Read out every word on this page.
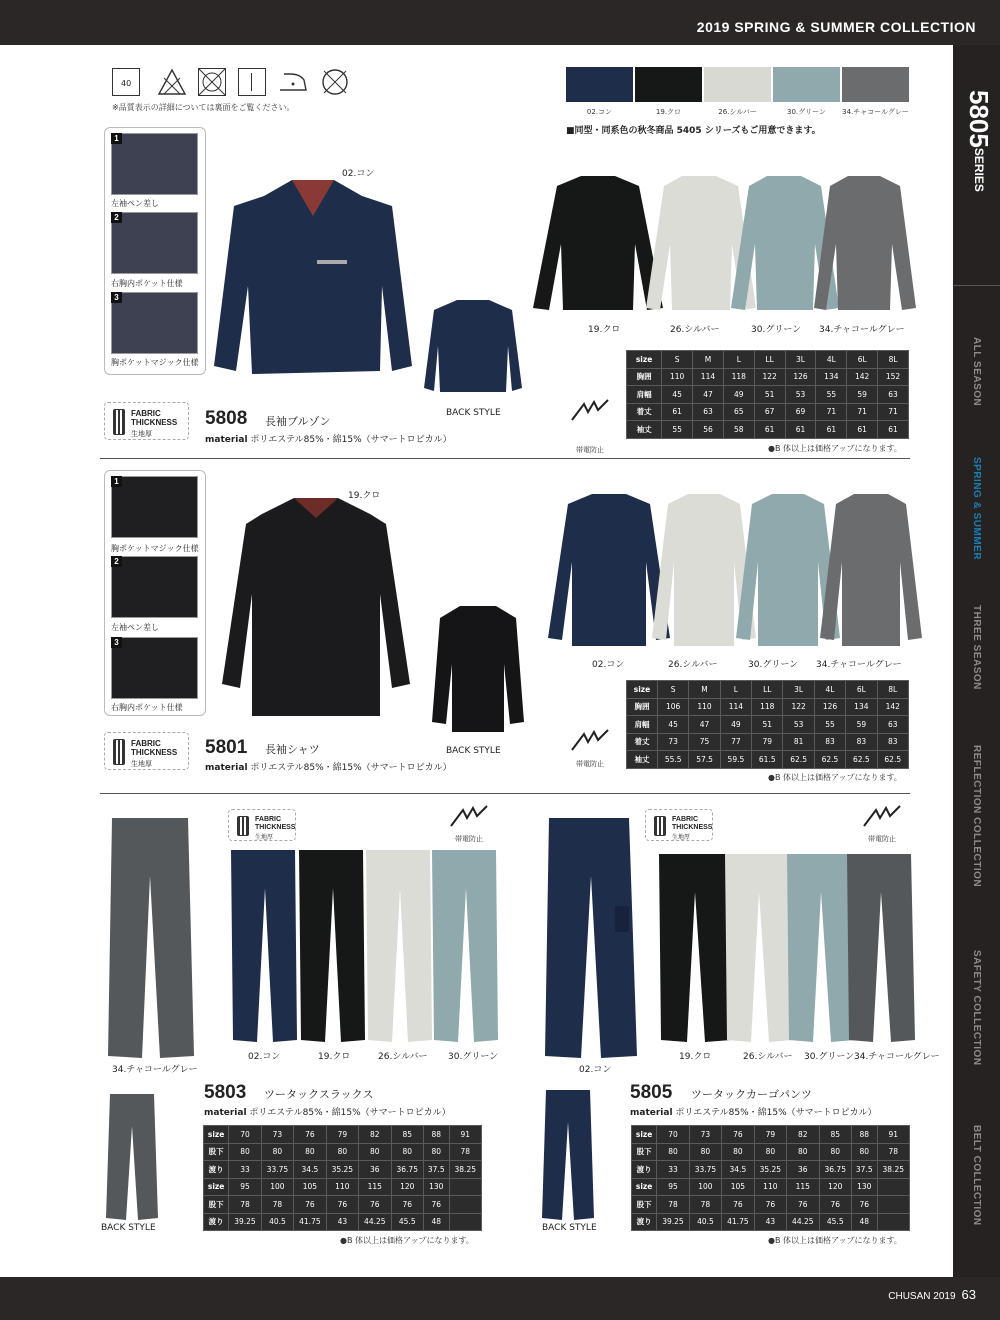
2019 SPRING & SUMMER COLLECTION
5805SERIES
ALL SEASON
SPRING & SUMMER
THREE SEASON
REFLECTION COLLECTION
SAFETY COLLECTION
BELT COLLECTION
40
※品質表示の詳細については裏面をご覧ください。	02.コン	19.クロ	26.シルバー	30.グリーン	34.チャコールグレー
■同型・同系色の秋冬商品 5405 シリーズもご用意できます。
1
左袖ペン差し
2
右胸内ポケット仕様
3
胸ポケットマジック仕様
02.コン
BACK STYLE
19.クロ	26.シルバー	30.グリーン 34.チャコールグレー
FABRIC
THICKNESS
生地厚
5808 長袖ブルゾン
material ポリエステル85%・綿15%（サマートロピカル）
帯電防止
size	S	M	L	LL	3L	4L	6L	8L
胸囲	110	114	118	122	126	134	142	152
肩幅	45	47	49	51	53	55	59	63
着丈	61	63	65	67	69	71	71	71
袖丈	55	56	58	61	61	61	61	61
●B 体以上は価格アップになります。
1
胸ポケットマジック仕様
2
左袖ペン差し
3
右胸内ポケット仕様
19.クロ
BACK STYLE
02.コン	26.シルバー	30.グリーン 34.チャコールグレー
FABRIC
THICKNESS
生地厚
5801 長袖シャツ
material ポリエステル85%・綿15%（サマートロピカル）	帯電防止
size	S	M	L	LL	3L	4L	6L	8L
胸囲	106	110	114	118	122	126	134	142
肩幅	45	47	49	51	53	55	59	63
着丈	73	75	77	79	81	83	83	83
袖丈	55.5	57.5	59.5	61.5	62.5	62.5	62.5	62.5
●B 体以上は価格アップになります。
34.チャコールグレー
FABRIC
THICKNESS
生地厚	帯電防止
02.コン	19.クロ	26.シルバー 30.グリーン
5803 ツータックスラックス
material ポリエステル85%・綿15%（サマートロピカル）
BACK STYLE
size	70	73	76	79	82	85	88	91
股下	80	80	80	80	80	80	80	78
渡り	33	33.75	34.5	35.25	36	36.75	37.5	38.25
size	95	100	105	110	115	120	130	
股下	78	78	76	76	76	76	76	
渡り	39.25	40.5	41.75	43	44.25	45.5	48	
●B 体以上は価格アップになります。
02.コン
FABRIC
THICKNESS
生地厚	帯電防止
19.クロ	26.シルバー 30.グリーン 34.チャコールグレー
5805 ツータックカーゴパンツ
material ポリエステル85%・綿15%（サマートロピカル）
BACK STYLE
size	70	73	76	79	82	85	88	91
股下	80	80	80	80	80	80	80	78
渡り	33	33.75	34.5	35.25	36	36.75	37.5	38.25
size	95	100	105	110	115	120	130	
股下	78	78	76	76	76	76	76	
渡り	39.25	40.5	41.75	43	44.25	45.5	48	
●B 体以上は価格アップになります。
CHUSAN 2019 63
